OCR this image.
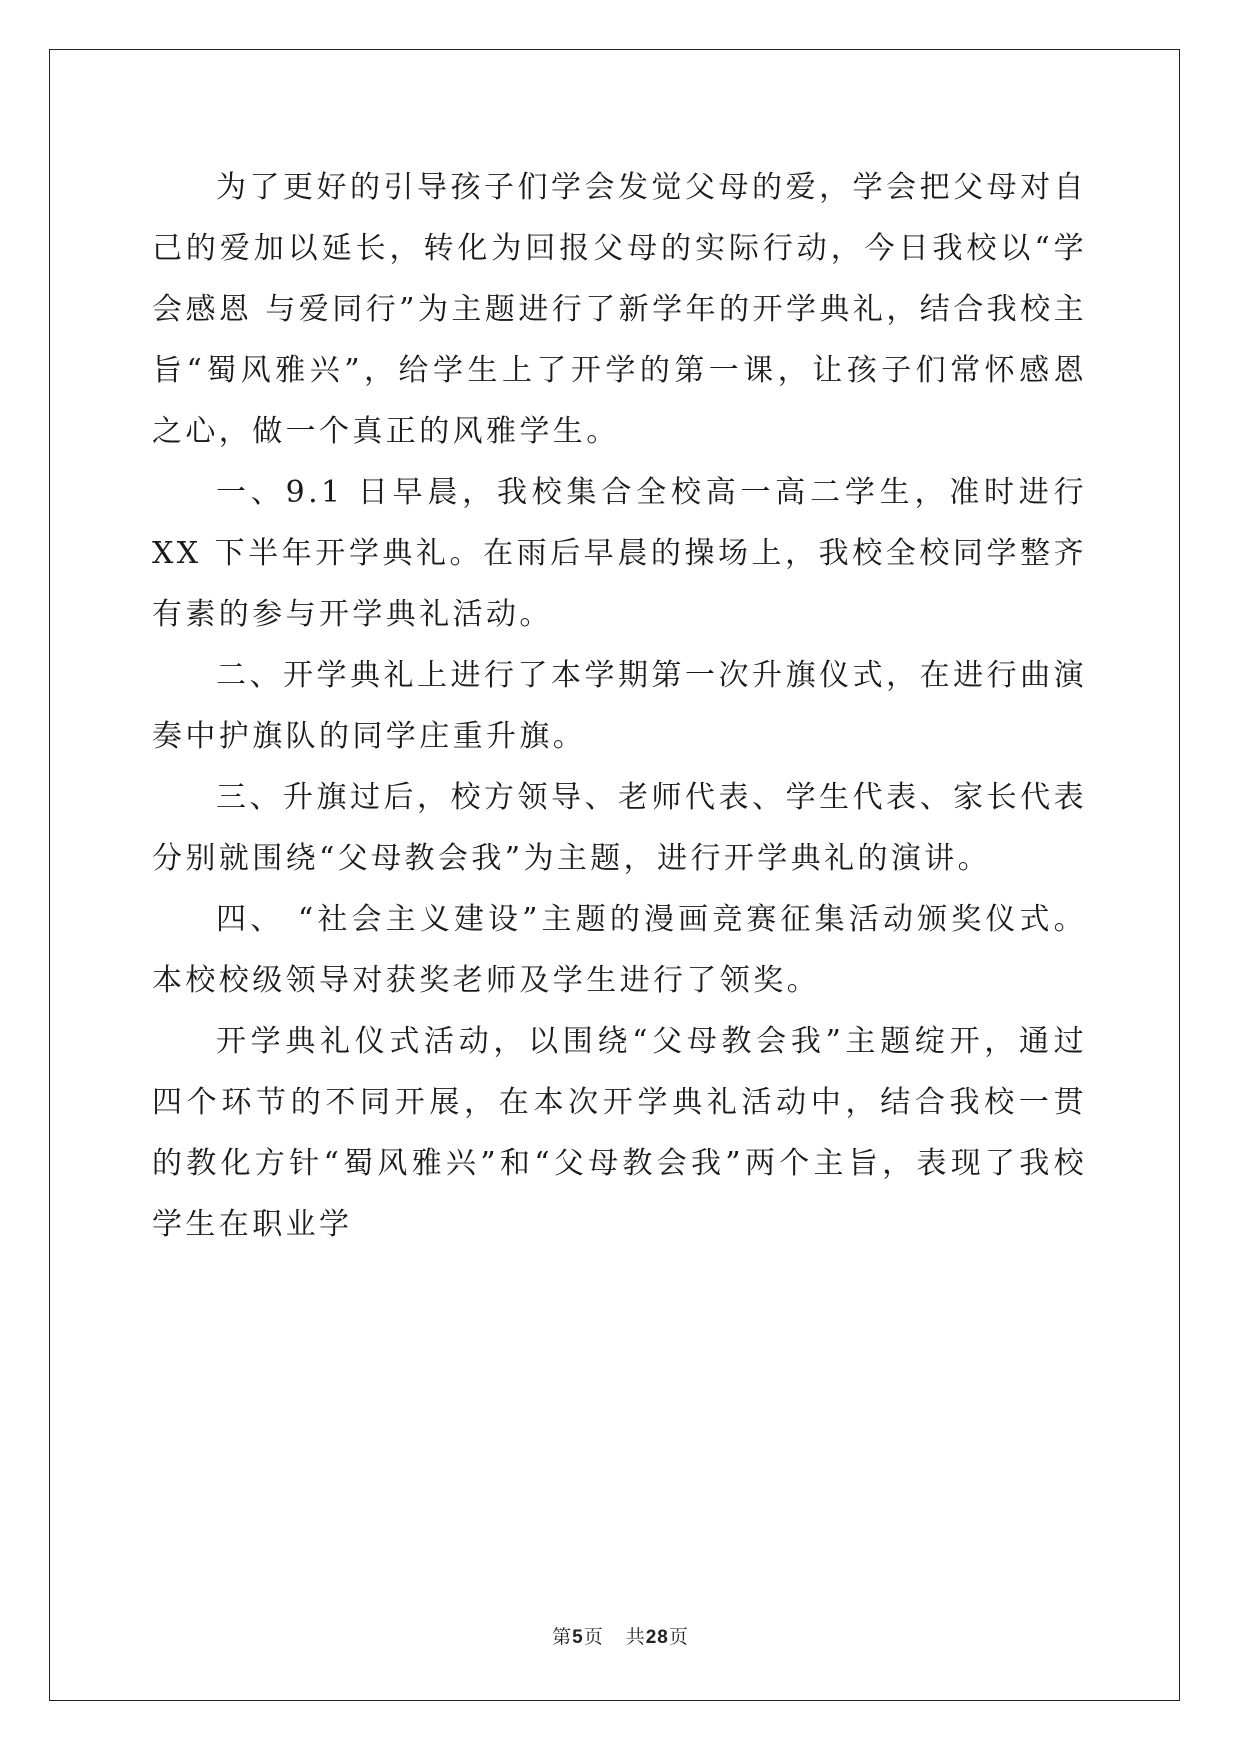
为了更好的引导孩子们学会发觉父母的爱，学会把父母对自己的爱加以延长，转化为回报父母的实际行动，今日我校以“学会感恩 与爱同行”为主题进行了新学年的开学典礼，结合我校主旨“蜀风雅兴”，给学生上了开学的第一课，让孩子们常怀感恩之心，做一个真正的风雅学生。

一、9.1 日早晨，我校集合全校高一高二学生，准时进行 XX 下半年开学典礼。在雨后早晨的操场上，我校全校同学整齐有素的参与开学典礼活动。

二、开学典礼上进行了本学期第一次升旗仪式，在进行曲演奏中护旗队的同学庄重升旗。

三、升旗过后，校方领导、老师代表、学生代表、家长代表分别就围绕“父母教会我”为主题，进行开学典礼的演讲。

四、 “社会主义建设”主题的漫画竞赛征集活动颁奖仪式。本校校级领导对获奖老师及学生进行了领奖。

开学典礼仪式活动，以围绕“父母教会我”主题绽开，通过四个环节的不同开展，在本次开学典礼活动中，结合我校一贯的教化方针“蜀风雅兴”和“父母教会我”两个主旨，表现了我校学生在职业学

第5页 共28页
